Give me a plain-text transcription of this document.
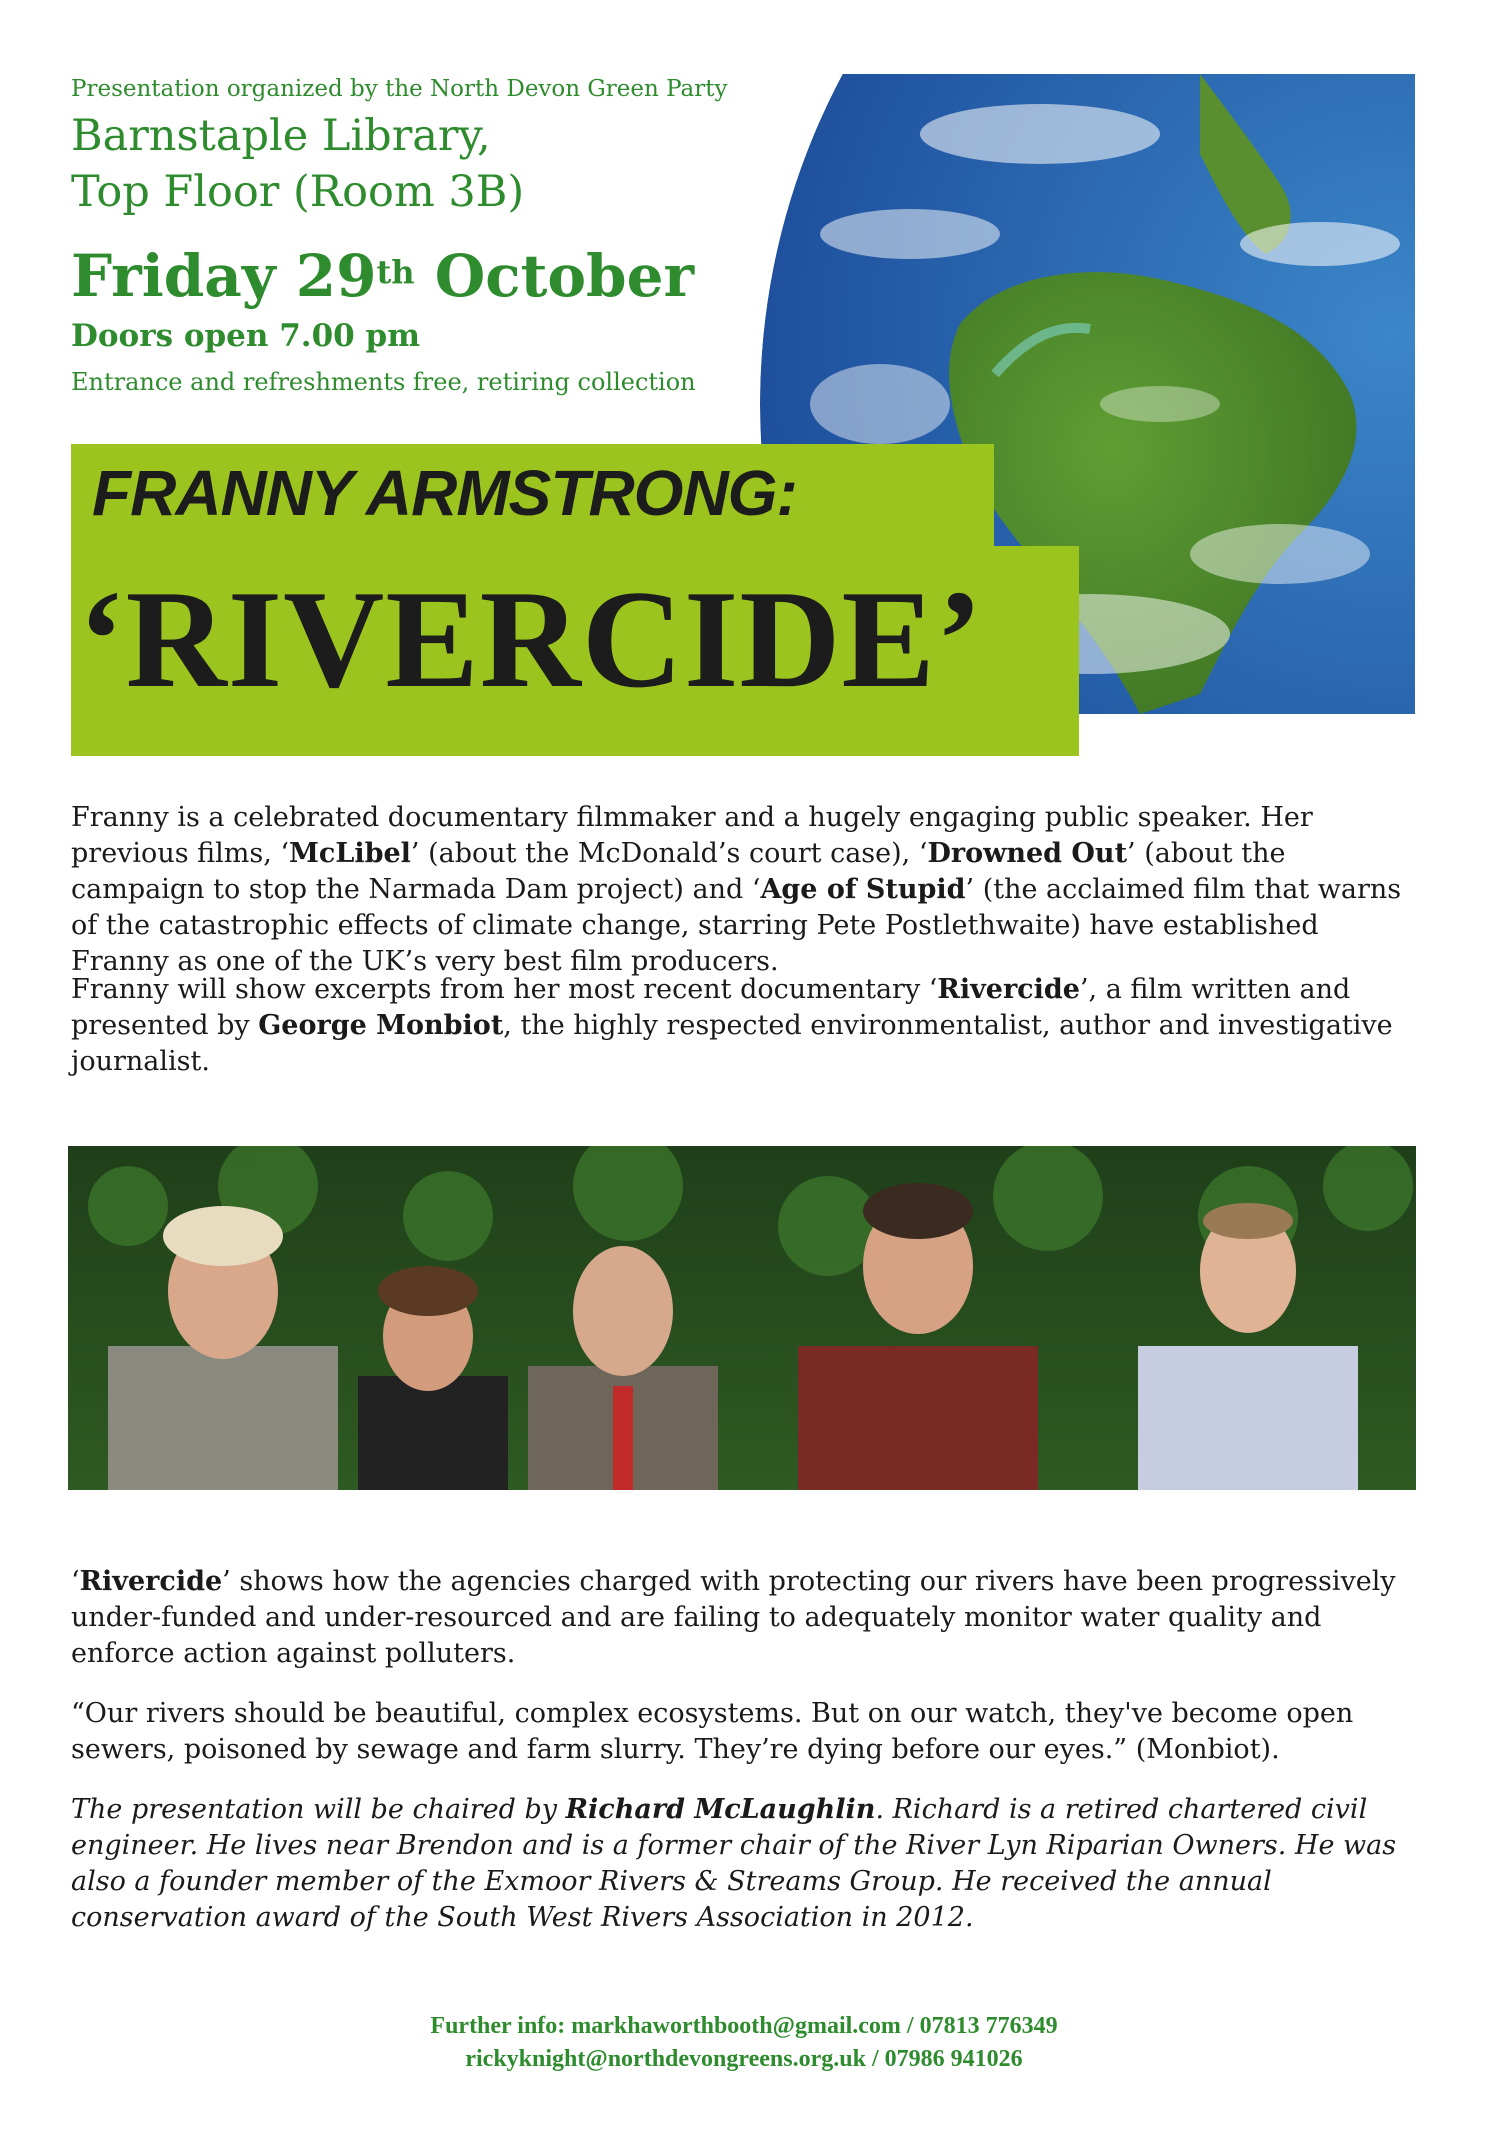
Presentation organized by the North Devon Green Party
Barnstaple Library,
Top Floor (Room 3B)
Friday 29th October
Doors open 7.00 pm
Entrance and refreshments free, retiring collection
FRANNY ARMSTRONG:
‘RIVERCIDE’

Franny is a celebrated documentary filmmaker and a hugely engaging public speaker. Her previous films, ‘McLibel’ (about the McDonald’s court case), ‘Drowned Out’ (about the campaign to stop the Narmada Dam project) and ‘Age of Stupid’ (the acclaimed film that warns of the catastrophic effects of climate change, starring Pete Postlethwaite) have established Franny as one of the UK’s very best film producers.

Franny will show excerpts from her most recent documentary ‘Rivercide’, a film written and presented by George Monbiot, the highly respected environmentalist, author and investigative journalist.

‘Rivercide’ shows how the agencies charged with protecting our rivers have been progressively under-funded and under-resourced and are failing to adequately monitor water quality and enforce action against polluters.

“Our rivers should be beautiful, complex ecosystems. But on our watch, they've become open sewers, poisoned by sewage and farm slurry. They’re dying before our eyes.” (Monbiot).

The presentation will be chaired by Richard McLaughlin. Richard is a retired chartered civil engineer. He lives near Brendon and is a former chair of the River Lyn Riparian Owners. He was also a founder member of the Exmoor Rivers & Streams Group. He received the annual conservation award of the South West Rivers Association in 2012.

Further info: markhaworthbooth@gmail.com / 07813 776349
rickyknight@northdevongreens.org.uk / 07986 941026
